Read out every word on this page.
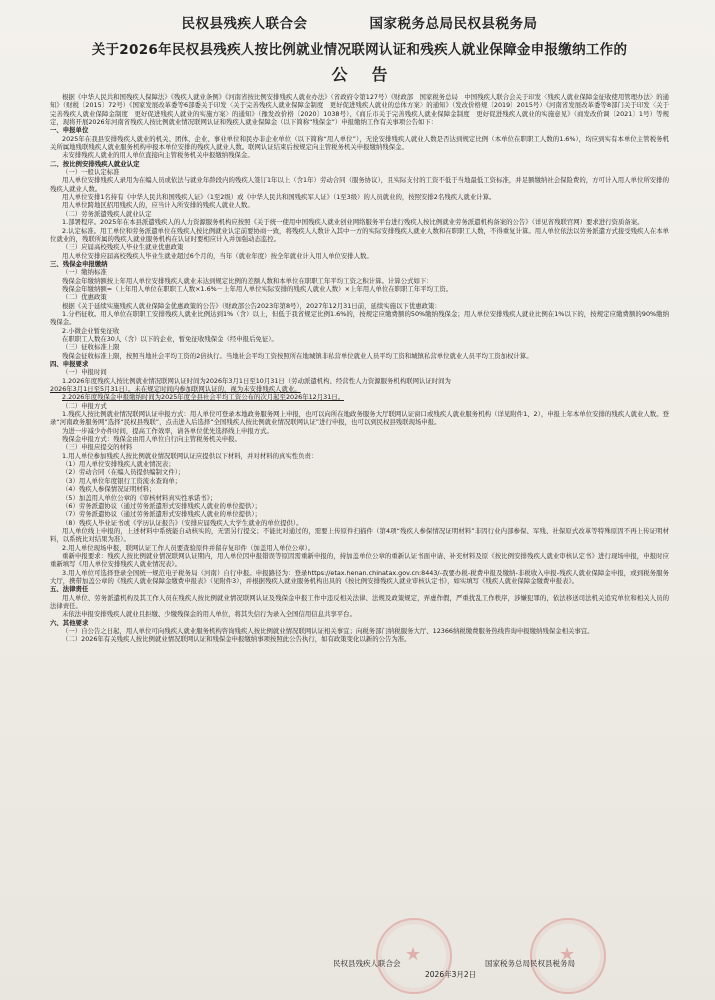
民权县残疾人联合会	国家税务总局民权县税务局
关于2026年民权县残疾人按比例就业情况联网认证和残疾人就业保障金申报缴纳工作的
公告

根据《中华人民共和国残疾人保障法》《残疾人就业条例》《河南省按比例安排残疾人就业办法》（省政府令第127号）《财政部　国家税务总局　中国残疾人联合会关于印发〈残疾人就业保障金征收使用管理办法〉的通知》（财税〔2015〕72号）《国家发展改革委等6部委关于印发〈关于完善残疾人就业保障金制度　更好促进残疾人就业的总体方案〉的通知》（发改价格规〔2019〕2015号）《河南省发展改革委等8部门关于印发〈关于完善残疾人就业保障金制度　更好促进残疾人就业的实施方案〉的通知》（豫发改价格〔2020〕1038号）、《商丘市关于完善残疾人就业保障金制度　更好促进残疾人就业的实施意见》（商发改价调〔2021〕1号）等规定，现将开展2026年河南省残疾人按比例就业情况联网认证和残疾人就业保障金（以下简称“残保金”）申报缴纳工作有关事项公告如下：

一、申报单位

2025年在我县安排残疾人就业的机关、团体、企业、事业单位和民办非企业单位（以下简称“用人单位”），无论安排残疾人就业人数是否达到规定比例（本单位在职职工人数的1.6%），均应到实有本单位主管税务机关所属地残联残疾人就业服务机构申报本单位安排的残疾人就业人数。联网认证结束后按规定向主管税务机关申报缴纳残保金。

未安排残疾人就业的用人单位直接向主管税务机关申报缴纳残保金。

二、按比例安排残疾人就业认定

（一）一般认定标准

用人单位安排残疾人录用为在编人员或依法与就业年龄段内的残疾人签订1年以上（含1年）劳动合同（服务协议），且实际支付的工资不低于当地最低工资标准，并足额缴纳社会保险费的，方可计入用人单位所安排的残疾人就业人数。

用人单位安排1名持有《中华人民共和国残疾人证》（1至2级）或《中华人民共和国残疾军人证》（1至3级）的人员就业的，按照安排2名残疾人就业计算。

用人单位跨地区招用残疾人的，应当计入所安排的残疾人就业人数。

（二）劳务派遣残疾人就业认定

1.部署程序。2025年在本县派遣残疾人的人力资源服务机构应按照《关于统一使用中国残疾人就业创业网络服务平台进行残疾人按比例就业劳务派遣机构备案的公告》（详见省残联官网）要求进行资质备案。

2.认定标准。用工单位和劳务派遣单位在残疾人按比例就业认定前要协商一致，将残疾人人数计入其中一方的实际安排残疾人就业人数和在职职工人数，不得重复计算。用人单位依法以劳务派遣方式接受残疾人在本单位就业的，残联所属的残疾人就业服务机构在认证时要相应计入并加强动态监控。

（三）应届高校残疾人毕业生就业优惠政策

用人单位安排应届高校残疾人毕业生就业超过6个月的，当年（就业年度）按全年就业计入用人单位安排人数。

三、残保金申报缴纳

（一）缴纳标准

残保金年缴纳额按上年用人单位安排残疾人就业未达到规定比例的差额人数和本单位在职职工年平均工资之积计算。计算公式如下：

残保金年缴纳额=（上年用人单位在职职工人数×1.6%－上年用人单位实际安排的残疾人就业人数）×上年用人单位在职职工年平均工资。

（二）优惠政策

根据《关于延续实施残疾人就业保障金优惠政策的公告》（财政部公告2023年第8号），2027年12月31日前，延续实施以下优惠政策：

1.分档征收。用人单位在职职工安排残疾人就业比例达到1%（含）以上，但低于我省规定比例1.6%的，按规定应缴费额的50%缴纳残保金；用人单位安排残疾人就业比例在1%以下的，按规定应缴费额的90%缴纳残保金。

2.小微企业暂免征收

在职职工人数在30人（含）以下的企业，暂免征收残保金（经申报后免征）。

（三）征收标准上限

残保金征收标准上限，按照当地社会平均工资的2倍执行。当地社会平均工资按照所在地城镇非私营单位就业人员平均工资和城镇私营单位就业人员平均工资加权计算。

四、申报要求

（一）申报时间

1.2026年度残疾人按比例就业情况联网认证时间为2026年3月1日至10月31日（劳动派遣机构、经营性人力资源服务机构联网认证时间为

2026年3月1日至5月31日）。未在规定时间内参加联网认证的，视为未安排残疾人就业。

2.2026年度残保金申报缴纳时间为2025年度全县社会平均工资公布的次月起至2026年12月31日。

（二）申报方式

1.残疾人按比例就业情况联网认证申报方式：用人单位可登录本地政务服务网上申报，也可以向所在地政务服务大厅联网认证窗口或残疾人就业服务机构（详见附件1、2），申报上年本单位安排的残疾人就业人数。登录“河南政务服务网”选择“民权县残联”，点击进入后选择“全国残疾人按比例就业情况联网认证”进行申报，也可以到民权县残联现场申报。

为进一步减少办件时间，提高工作效率，请各单位优先选择线上申报方式。

残保金申报方式：残保金由用人单位自行向主管税务机关申报。

（三）申报应提交的材料

1.用人单位参加残疾人按比例就业情况联网认证应提供以下材料，并对材料的真实性负责：

（1）用人单位安排残疾人就业情况表；

（2）劳动合同（在编人员提供编制文件）；

（3）用人单位年度银行工资流水查询单；

（4）残疾人参保情况证明材料；

（5）加盖用人单位公章的《审核材料真实性承诺书》；

（6）劳务派遣协议（通过劳务派遣形式安排残疾人就业的单位提供）；

（7）劳务派遣协议（通过劳务派遣形式安排残疾人就业的单位提供）；

（8）残疾人毕业证书或《学历认证报告》（安排应届残疾人大学生就业的单位提供）。

用人单位线上申报的，上述材料中系统能自动核实的，无需另行提交；不能比对通过的，需要上传原件扫描件（第4项“残疾人参保情况证明材料”非因行业内部参保、军残、社保原式改革等特殊原因不再上传证明材料，以系统比对结果为准）。

2.用人单位现场申报，联网认证工作人员要查验原件并留存复印件（加盖用人单位公章）。

重新申报要求：残疾人按比例就业情况联网认证期内，用人单位因申报错误等原因需重新申报的，持加盖单位公章的重新认证书面申请、补充材料及原《按比例安排残疾人就业审核认定书》进行现场申报，申报时应重新填写《用人单位安排残疾人就业情况表》。

3.用人单位可选择登录全国统一规范电子税务局（河南）自行申报。申报路径为：登录https://etax.henan.chinatax.gov.cn:8443/-我要办税-税费申报及缴纳-非税收入申报-残疾人就业保障金申报，或到税务服务大厅，携带加盖公章的《残疾人就业保障金缴费申报表》（见附件3），并根据残疾人就业服务机构出具的《按比例安排残疾人就业审核认定书》，如实填写《残疾人就业保障金缴费申报表》。

五、法律责任

用人单位、劳务派遣机构及其工作人员在残疾人按比例就业情况联网认证及残保金申报工作中违反相关法律、法规及政策规定，弄虚作假，严重扰乱工作秩序，涉嫌犯罪的，依法移送司法机关追究单位和相关人员的法律责任。

未依法申报安排残疾人就业且拒缴、少缴残保金的用人单位，将其失信行为录入全国信用信息共享平台。

六、其他要求

（一）自公告之日起，用人单位可向残疾人就业服务机构咨询残疾人按比例就业情况联网认证相关事宜；向税务部门纳税服务大厅、12366纳税缴费服务热线咨询申报缴纳残保金相关事宜。

（二）2026年有关残疾人按比例就业情况联网认证和残保金申报缴纳事项按照此公告执行，如有政策变化以新的公告为准。

★	★
民权县残疾人联合会	国家税务总局民权县税务局
2026年3月2日
